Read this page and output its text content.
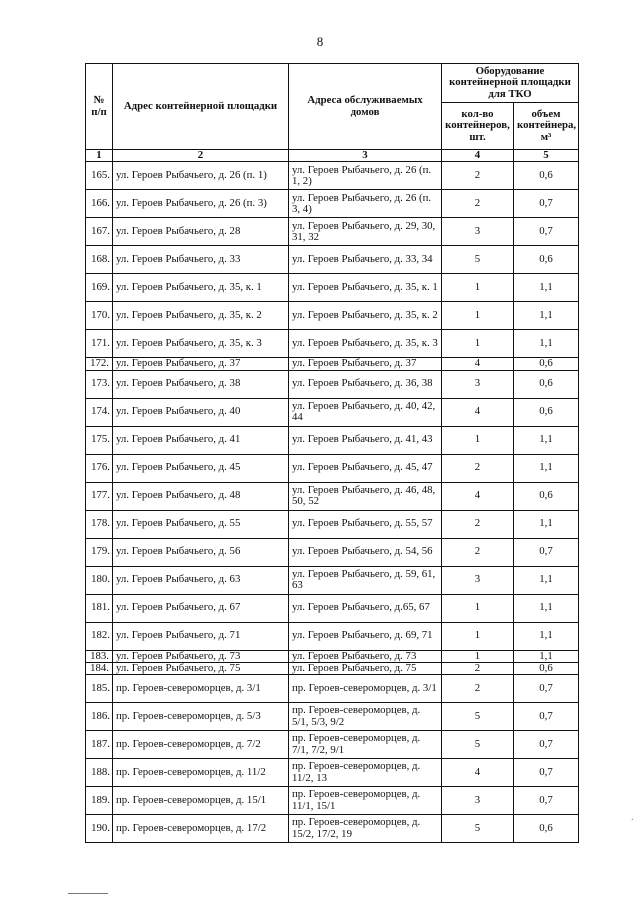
8
№ п/п	Адрес контейнерной площадки	Адреса обслуживаемых домов	Оборудование контейнерной площадки для ТКО	
			кол-во контейнеров, шт.	объем контейнера, м³
1	2	3	4	5
165.	ул. Героев Рыбачьего, д. 26 (п. 1)	ул. Героев Рыбачьего, д. 26 (п. 1, 2)	2	0,6
166.	ул. Героев Рыбачьего, д. 26 (п. 3)	ул. Героев Рыбачьего, д. 26 (п. 3, 4)	2	0,7
167.	ул. Героев Рыбачьего, д. 28	ул. Героев Рыбачьего, д. 29, 30, 31, 32	3	0,7
168.	ул. Героев Рыбачьего, д. 33	ул. Героев Рыбачьего, д. 33, 34	5	0,6
169.	ул. Героев Рыбачьего, д. 35, к. 1	ул. Героев Рыбачьего, д. 35, к. 1	1	1,1
170.	ул. Героев Рыбачьего, д. 35, к. 2	ул. Героев Рыбачьего, д. 35, к. 2	1	1,1
171.	ул. Героев Рыбачьего, д. 35, к. 3	ул. Героев Рыбачьего, д. 35, к. 3	1	1,1
172.	ул. Героев Рыбачьего, д. 37	ул. Героев Рыбачьего, д. 37	4	0,6
173.	ул. Героев Рыбачьего, д. 38	ул. Героев Рыбачьего, д. 36, 38	3	0,6
174.	ул. Героев Рыбачьего, д. 40	ул. Героев Рыбачьего, д. 40, 42, 44	4	0,6
175.	ул. Героев Рыбачьего, д. 41	ул. Героев Рыбачьего, д. 41, 43	1	1,1
176.	ул. Героев Рыбачьего, д. 45	ул. Героев Рыбачьего, д. 45, 47	2	1,1
177.	ул. Героев Рыбачьего, д. 48	ул. Героев Рыбачьего, д. 46, 48, 50, 52	4	0,6
178.	ул. Героев Рыбачьего, д. 55	ул. Героев Рыбачьего, д. 55, 57	2	1,1
179.	ул. Героев Рыбачьего, д. 56	ул. Героев Рыбачьего, д. 54, 56	2	0,7
180.	ул. Героев Рыбачьего, д. 63	ул. Героев Рыбачьего, д. 59, 61, 63	3	1,1
181.	ул. Героев Рыбачьего, д. 67	ул. Героев Рыбачьего, д.65, 67	1	1,1
182.	ул. Героев Рыбачьего, д. 71	ул. Героев Рыбачьего, д. 69, 71	1	1,1
183.	ул. Героев Рыбачьего, д. 73	ул. Героев Рыбачьего, д. 73	1	1,1
184.	ул. Героев Рыбачьего, д. 75	ул. Героев Рыбачьего, д. 75	2	0,6
185.	пр. Героев-североморцев, д. 3/1	пр. Героев-североморцев, д. 3/1	2	0,7
186.	пр. Героев-североморцев, д. 5/3	пр. Героев-североморцев, д. 5/1, 5/3, 9/2	5	0,7
187.	пр. Героев-североморцев, д. 7/2	пр. Героев-североморцев, д. 7/1, 7/2, 9/1	5	0,7
188.	пр. Героев-североморцев, д. 11/2	пр. Героев-североморцев, д. 11/2, 13	4	0,7
189.	пр. Героев-североморцев, д. 15/1	пр. Героев-североморцев, д. 11/1, 15/1	3	0,7
190.	пр. Героев-североморцев, д. 17/2	пр. Героев-североморцев, д. 15/2, 17/2, 19	5	0,6
·
